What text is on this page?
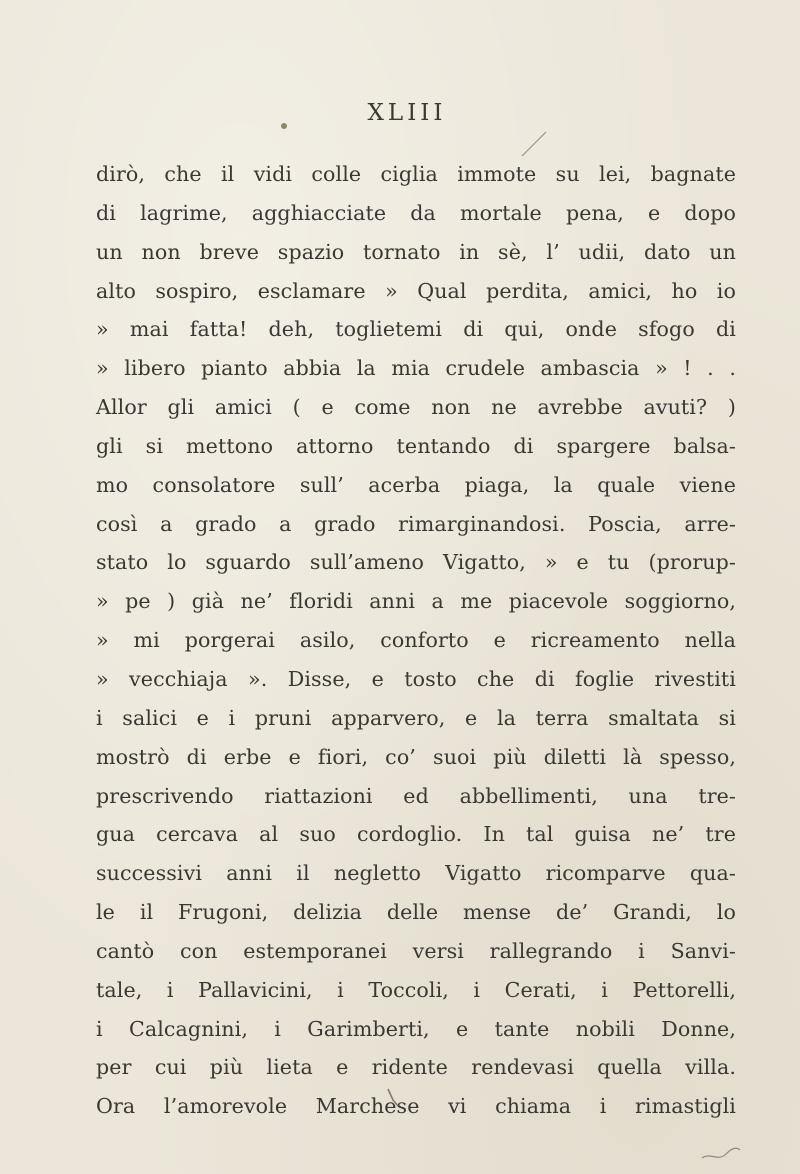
XLIII
dirò, che il vidi colle ciglia immote su lei, bagnate
di lagrime, agghiacciate da mortale pena, e dopo
un non breve spazio tornato in sè, l’ udii, dato un
alto sospiro, esclamare » Qual perdita, amici, ho io
» mai fatta! deh, toglietemi di qui, onde sfogo di
» libero pianto abbia la mia crudele ambascia » ! . .
Allor gli amici ( e come non ne avrebbe avuti? )
gli si mettono attorno tentando di spargere balsa-
mo consolatore sull’ acerba piaga, la quale viene
così a grado a grado rimarginandosi. Poscia, arre-
stato lo sguardo sull’ameno Vigatto, » e tu (prorup-
» pe ) già ne’ floridi anni a me piacevole soggiorno,
» mi porgerai asilo, conforto e ricreamento nella
» vecchiaja ». Disse, e tosto che di foglie rivestiti
i salici e i pruni apparvero, e la terra smaltata si
mostrò di erbe e fiori, co’ suoi più diletti là spesso,
prescrivendo riattazioni ed abbellimenti, una tre-
gua cercava al suo cordoglio. In tal guisa ne’ tre
successivi anni il negletto Vigatto ricomparve qua-
le il Frugoni, delizia delle mense de’ Grandi, lo
cantò con estemporanei versi rallegrando i Sanvi-
tale, i Pallavicini, i Toccoli, i Cerati, i Pettorelli,
i Calcagnini, i Garimberti, e tante nobili Donne,
per cui più lieta e ridente rendevasi quella villa.
Ora l’amorevole Marchese vi chiama i rimastigli
